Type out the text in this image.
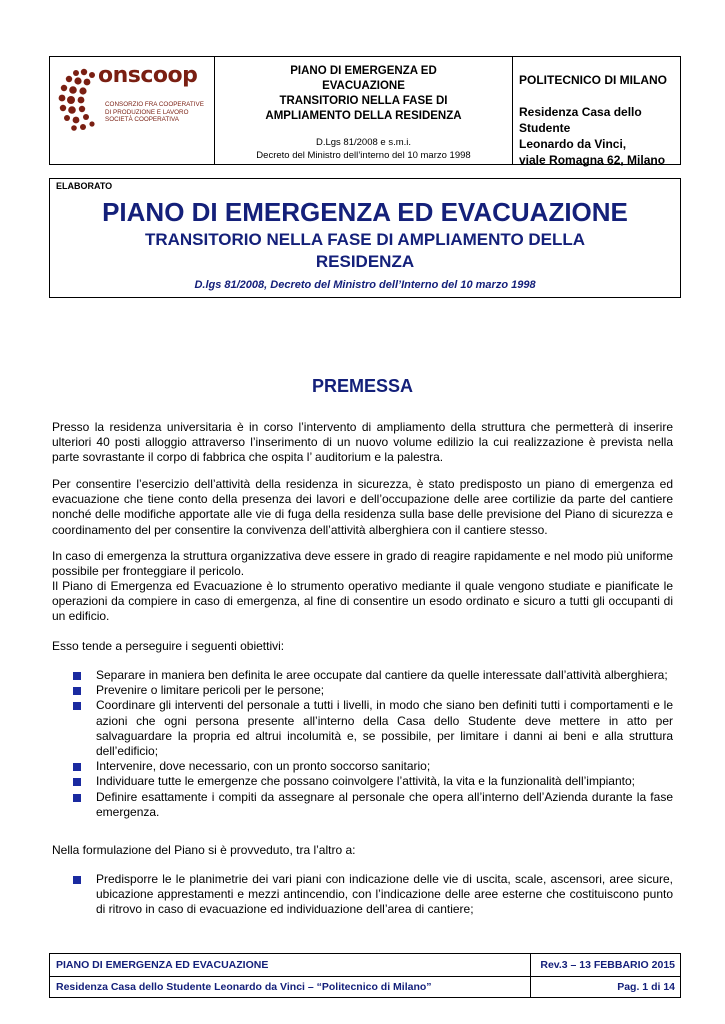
onscoop
CONSORZIO FRA COOPERATIVE
DI PRODUZIONE E LAVORO
SOCIETÀ COOPERATIVA
PIANO DI EMERGENZA ED
EVACUAZIONE
TRANSITORIO NELLA FASE DI
AMPLIAMENTO DELLA RESIDENZA
D.Lgs 81/2008 e s.m.i.
Decreto del Ministro dell’interno del 10 marzo 1998
POLITECNICO DI MILANO
Residenza Casa dello Studente
Leonardo da Vinci,
viale Romagna 62, Milano
ELABORATO
PIANO DI EMERGENZA ED EVACUAZIONE
TRANSITORIO NELLA FASE DI AMPLIAMENTO DELLA
RESIDENZA
D.lgs 81/2008, Decreto del Ministro dell’Interno del 10 marzo 1998
PREMESSA
Presso la residenza universitaria è in corso l’intervento di ampliamento della struttura che permetterà di inserire ulteriori 40 posti alloggio attraverso l’inserimento di un nuovo volume edilizio la cui realizzazione è prevista nella parte sovrastante il corpo di fabbrica che ospita l’ auditorium e la palestra.
Per consentire l’esercizio dell’attività della residenza in sicurezza, è stato predisposto un piano di emergenza ed evacuazione che tiene conto della presenza dei lavori e dell’occupazione delle aree cortilizie da parte del cantiere nonché delle modifiche apportate alle vie di fuga della residenza sulla base delle previsione del Piano di sicurezza e coordinamento del per consentire la convivenza dell’attività alberghiera con il cantiere stesso.
In caso di emergenza la struttura organizzativa deve essere in grado di reagire rapidamente e nel modo più uniforme possibile per fronteggiare il pericolo.
Il Piano di Emergenza ed Evacuazione è lo strumento operativo mediante il quale vengono studiate e pianificate le operazioni da compiere in caso di emergenza, al fine di consentire un esodo ordinato e sicuro a tutti gli occupanti di un edificio.
Esso tende a perseguire i seguenti obiettivi:
Separare in maniera ben definita le aree occupate dal cantiere da quelle interessate dall’attività alberghiera;
Prevenire o limitare pericoli per le persone;
Coordinare gli interventi del personale a tutti i livelli, in modo che siano ben definiti tutti i comportamenti e le azioni che ogni persona presente all’interno della Casa dello Studente deve mettere in atto per salvaguardare la propria ed altrui incolumità e, se possibile, per limitare i danni ai beni e alla struttura dell’edificio;
Intervenire, dove necessario, con un pronto soccorso sanitario;
Individuare tutte le emergenze che possano coinvolgere l’attività, la vita e la funzionalità dell’impianto;
Definire esattamente i compiti da assegnare al personale che opera all’interno dell’Azienda durante la fase emergenza.
Nella formulazione del Piano si è provveduto, tra l’altro a:
Predisporre le le planimetrie dei vari piani con indicazione delle vie di uscita, scale, ascensori, aree sicure, ubicazione apprestamenti e mezzi antincendio, con l’indicazione delle aree esterne che costituiscono punto di ritrovo in caso di evacuazione ed individuazione dell’area di cantiere;
PIANO DI EMERGENZA ED EVACUAZIONE	Rev.3 – 13 FEBBARIO 2015
Residenza Casa dello Studente Leonardo da Vinci – “Politecnico di Milano”	Pag. 1 di 14
